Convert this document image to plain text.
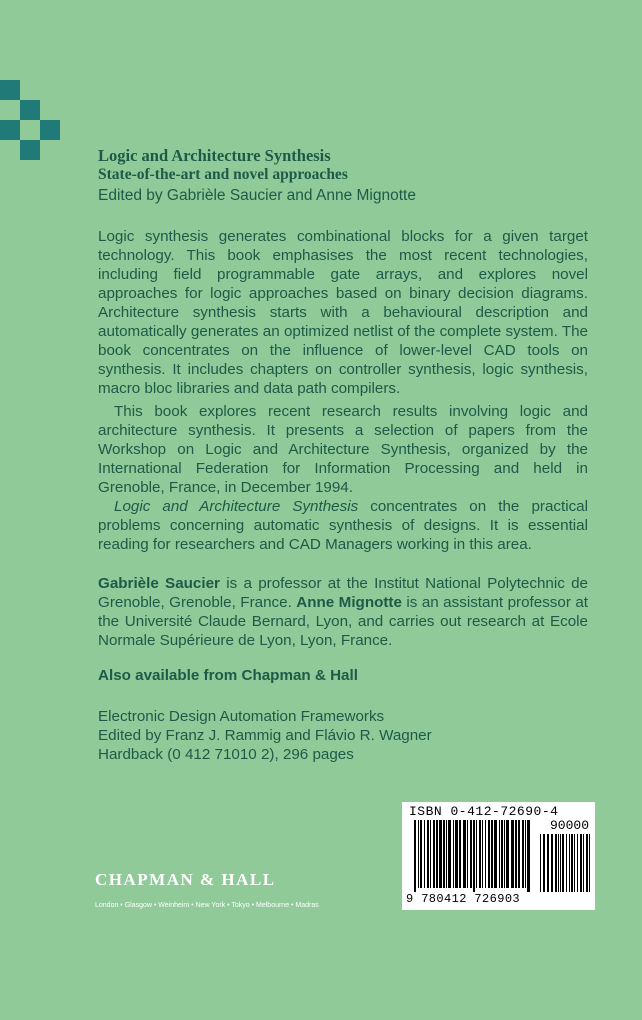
Logic and Architecture Synthesis
State-of-the-art and novel approaches
Edited by Gabrièle Saucier and Anne Mignotte

Logic synthesis generates combinational blocks for a given target technology. This book emphasises the most recent technologies, including field programmable gate arrays, and explores novel approaches for logic approaches based on binary decision diagrams. Architecture synthesis starts with a behavioural description and automatically generates an optimized netlist of the complete system. The book concentrates on the influence of lower-level CAD tools on synthesis. It includes chapters on controller synthesis, logic synthesis, macro bloc libraries and data path compilers.

This book explores recent research results involving logic and architecture synthesis. It presents a selection of papers from the Workshop on Logic and Architecture Synthesis, organized by the International Federation for Information Processing and held in Grenoble, France, in December 1994.

Logic and Architecture Synthesis concentrates on the practical problems concerning automatic synthesis of designs. It is essential reading for researchers and CAD Managers working in this area.

Gabrièle Saucier is a professor at the Institut National Polytechnic de Grenoble, Grenoble, France. Anne Mignotte is an assistant professor at the Université Claude Bernard, Lyon, and carries out research at Ecole Normale Supérieure de Lyon, Lyon, France.

Also available from Chapman & Hall
Electronic Design Automation Frameworks
Edited by Franz J. Rammig and Flávio R. Wagner
Hardback (0 412 71010 2), 296 pages
CHAPMAN & HALL
London • Glasgow • Weinheim • New York • Tokyo • Melbourne • Madras
ISBN 0-412-72690-4
90000
9 780412 726903
